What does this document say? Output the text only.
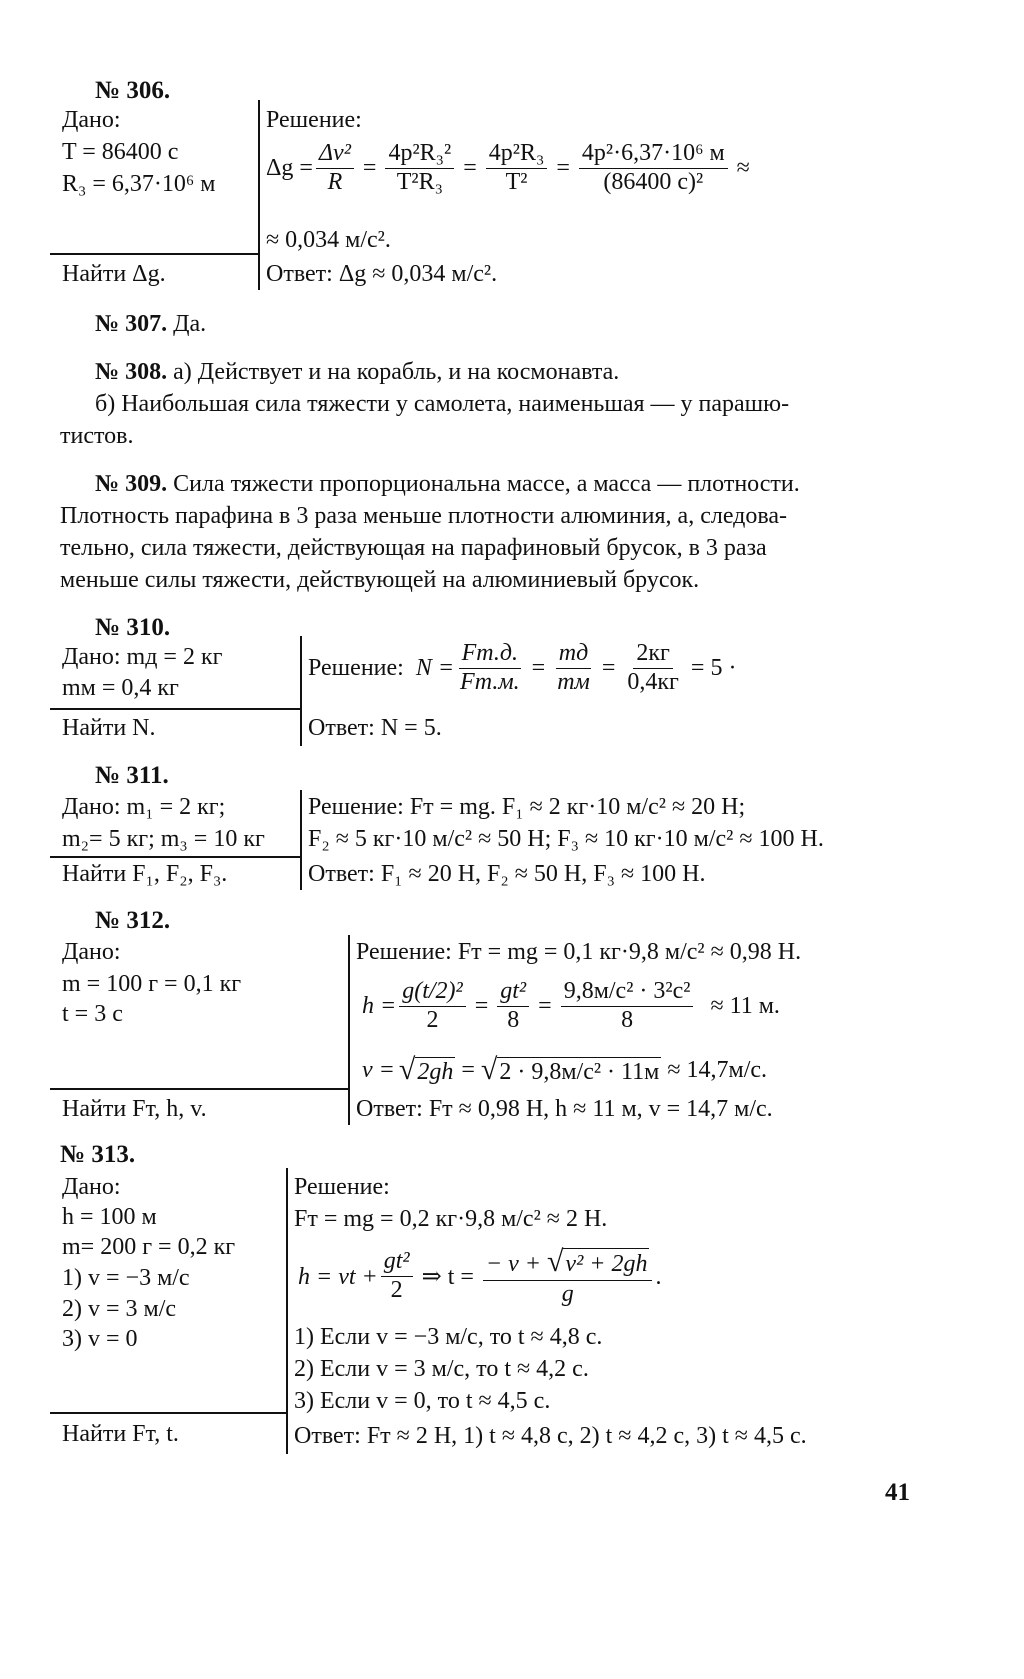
№ 306.
Дано:
T = 86400 с
R₃ = 6,37·10⁶ м
Найти Δg.
Решение:
$\Delta g = \frac{\text{Δv²}}{R} = \frac{\text{4p²R₃²}}{\text{T²R₃}} = \frac{\text{4p²R₃}}{\text{T²}} = \frac{\text{4p²·6,37·10⁶ м}}{\text{(86400 с)²}}$ ≈
≈ 0,034 м/с².
Ответ: Δg ≈ 0,034 м/с².
№ 307. Да.
№ 308. а) Действует и на корабль, и на космонавта.
б) Наибольшая сила тяжести у самолета, наименьшая — у парашю-
тистов.
№ 309. Сила тяжести пропорциональна массе, а масса — плотности.
Плотность парафина в 3 раза меньше плотности алюминия, а, следова-
тельно, сила тяжести, действующая на парафиновый брусок, в 3 раза
меньше силы тяжести, действующей на алюминиевый брусок.
№ 310.
Дано: mд = 2 кг
mм = 0,4 кг
Найти N.
Решение: $N = \frac{Fт.д.}{Fт.м.} = \frac{mд}{mм} = \frac{2кг}{0,4кг} = 5$ ·
Ответ: N = 5.
№ 311.
Дано: m₁ = 2 кг;
m₂= 5 кг; m₃ = 10 кг
Найти F₁, F₂, F₃.
Решение: Fт = mg. F₁ ≈ 2 кг·10 м/с² ≈ 20 Н;
F₂ ≈ 5 кг·10 м/с² ≈ 50 Н; F₃ ≈ 10 кг·10 м/с² ≈ 100 Н.
Ответ: F₁ ≈ 20 Н, F₂ ≈ 50 Н, F₃ ≈ 100 Н.
№ 312.
Дано:
m = 100 г = 0,1 кг
t = 3 с
Найти Fт, h, v.
Решение: Fт = mg = 0,1 кг·9,8 м/с² ≈ 0,98 Н.
$h = \frac{\text{g(t/2)²}}{2} = \frac{\text{gt²}}{8} = \frac{\text{9,8м/с² · 3²с²}}{8} \approx 11$ м.
v = √ 2gh = √ 2 · 9,8м/с² · 11м ≈ 14,7м/с.
Ответ: Fт ≈ 0,98 Н, h ≈ 11 м, v = 14,7 м/с.
№ 313.
Дано:
h = 100 м
m= 200 г = 0,2 кг
1) v = −3 м/с
2) v = 3 м/с
3) v = 0
Найти Fт, t.
Решение:
Fт = mg = 0,2 кг·9,8 м/с² ≈ 2 Н.
h = vt + $\frac{\text{gt²}}{2}$ ⇒ $t = \frac{\text{− v + √v² + 2gh}}{g}$ .
1) Если v = −3 м/с, то t ≈ 4,8 с.
2) Если v = 3 м/с, то t ≈ 4,2 с.
3) Если v = 0, то t ≈ 4,5 с.
Ответ: Fт ≈ 2 Н, 1) t ≈ 4,8 с, 2) t ≈ 4,2 с, 3) t ≈ 4,5 с.
41
